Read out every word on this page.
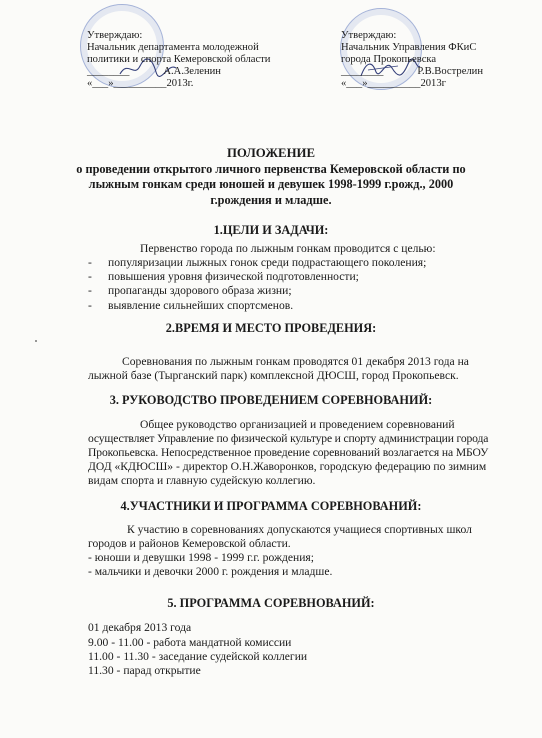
Утверждаю:
Начальник департамента молодежной
политики и спорта Кемеровской области
________	А.А.Зеленин
«___»__________2013г.
Утверждаю:
Начальник Управления ФКиС
города Прокопьевска
________	Р.В.Вострелин
«___»__________2013г
ПОЛОЖЕНИЕ
о проведении открытого личного первенства Кемеровской области по
лыжным гонкам среди юношей и девушек 1998-1999 г.рожд., 2000
г.рождения и младше.
1.ЦЕЛИ И ЗАДАЧИ:
Первенство города по лыжным гонкам проводится с целью:
- популяризации лыжных гонок среди подрастающего поколения;
- повышения уровня физической подготовленности;
- пропаганды здорового образа жизни;
- выявление сильнейших спортсменов.
2.ВРЕМЯ И МЕСТО ПРОВЕДЕНИЯ:
Соревнования по лыжным гонкам проводятся 01 декабря 2013 года на
лыжной базе (Тырганский парк) комплексной ДЮСШ, город Прокопьевск.
3. РУКОВОДСТВО ПРОВЕДЕНИЕМ СОРЕВНОВАНИЙ:
Общее руководство организацией и проведением соревнований
осуществляет Управление по физической культуре и спорту администрации города
Прокопьевска. Непосредственное проведение соревнований возлагается на МБОУ
ДОД «КДЮСШ» - директор О.Н.Жаворонков, городскую федерацию по зимним
видам спорта и главную судейскую коллегию.
4.УЧАСТНИКИ И ПРОГРАММА СОРЕВНОВАНИЙ:
К участию в соревнованиях допускаются учащиеся спортивных школ
городов и районов Кемеровской области.
- юноши и девушки 1998 - 1999 г.г. рождения;
- мальчики и девочки 2000 г. рождения и младше.
5. ПРОГРАММА СОРЕВНОВАНИЙ:
01 декабря 2013 года
9.00 - 11.00 - работа мандатной комиссии
11.00 - 11.30 - заседание судейской коллегии
11.30 - парад открытие
